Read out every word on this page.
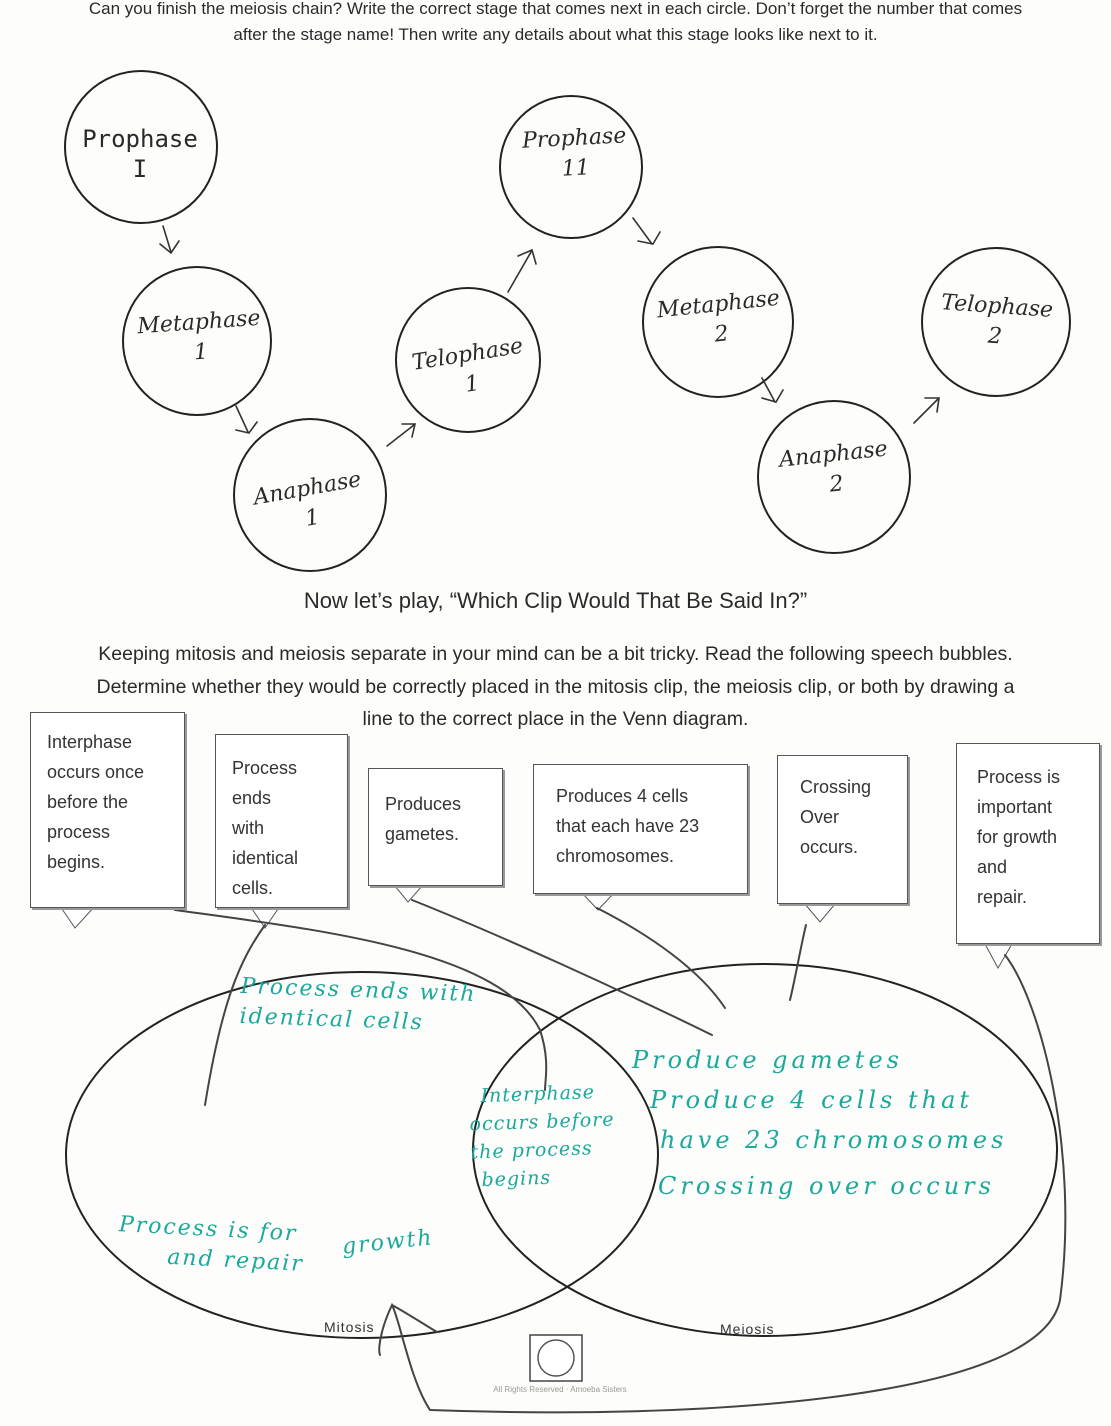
Can you finish the meiosis chain? Write the correct stage that comes next in each circle. Don’t forget the number that comes
after the stage name! Then write any details about what this stage looks like next to it.
Prophase
I
Metaphase
1
Anaphase
1
Telophase
1
Prophase
11
Metaphase
2
Anaphase
2
Telophase
2
Now let’s play, “Which Clip Would That Be Said In?”
Keeping mitosis and meiosis separate in your mind can be a bit tricky. Read the following speech bubbles.
Determine whether they would be correctly placed in the mitosis clip, the meiosis clip, or both by drawing a
line to the correct place in the Venn diagram.
Interphase
occurs once
before the
process
begins.
Process
ends
with
identical
cells.
Produces
gametes.
Produces 4 cells
that each have 23
chromosomes.
Crossing
Over
occurs.
Process is
important
for growth
and
repair.
Process ends with
identical cells
Process is for
and repair
growth
Interphase
occurs before
the process
begins
Produce gametes
Produce 4 cells that
have 23 chromosomes
Crossing over occurs
Mitosis	Meiosis
All Rights Reserved · Amoeba Sisters
